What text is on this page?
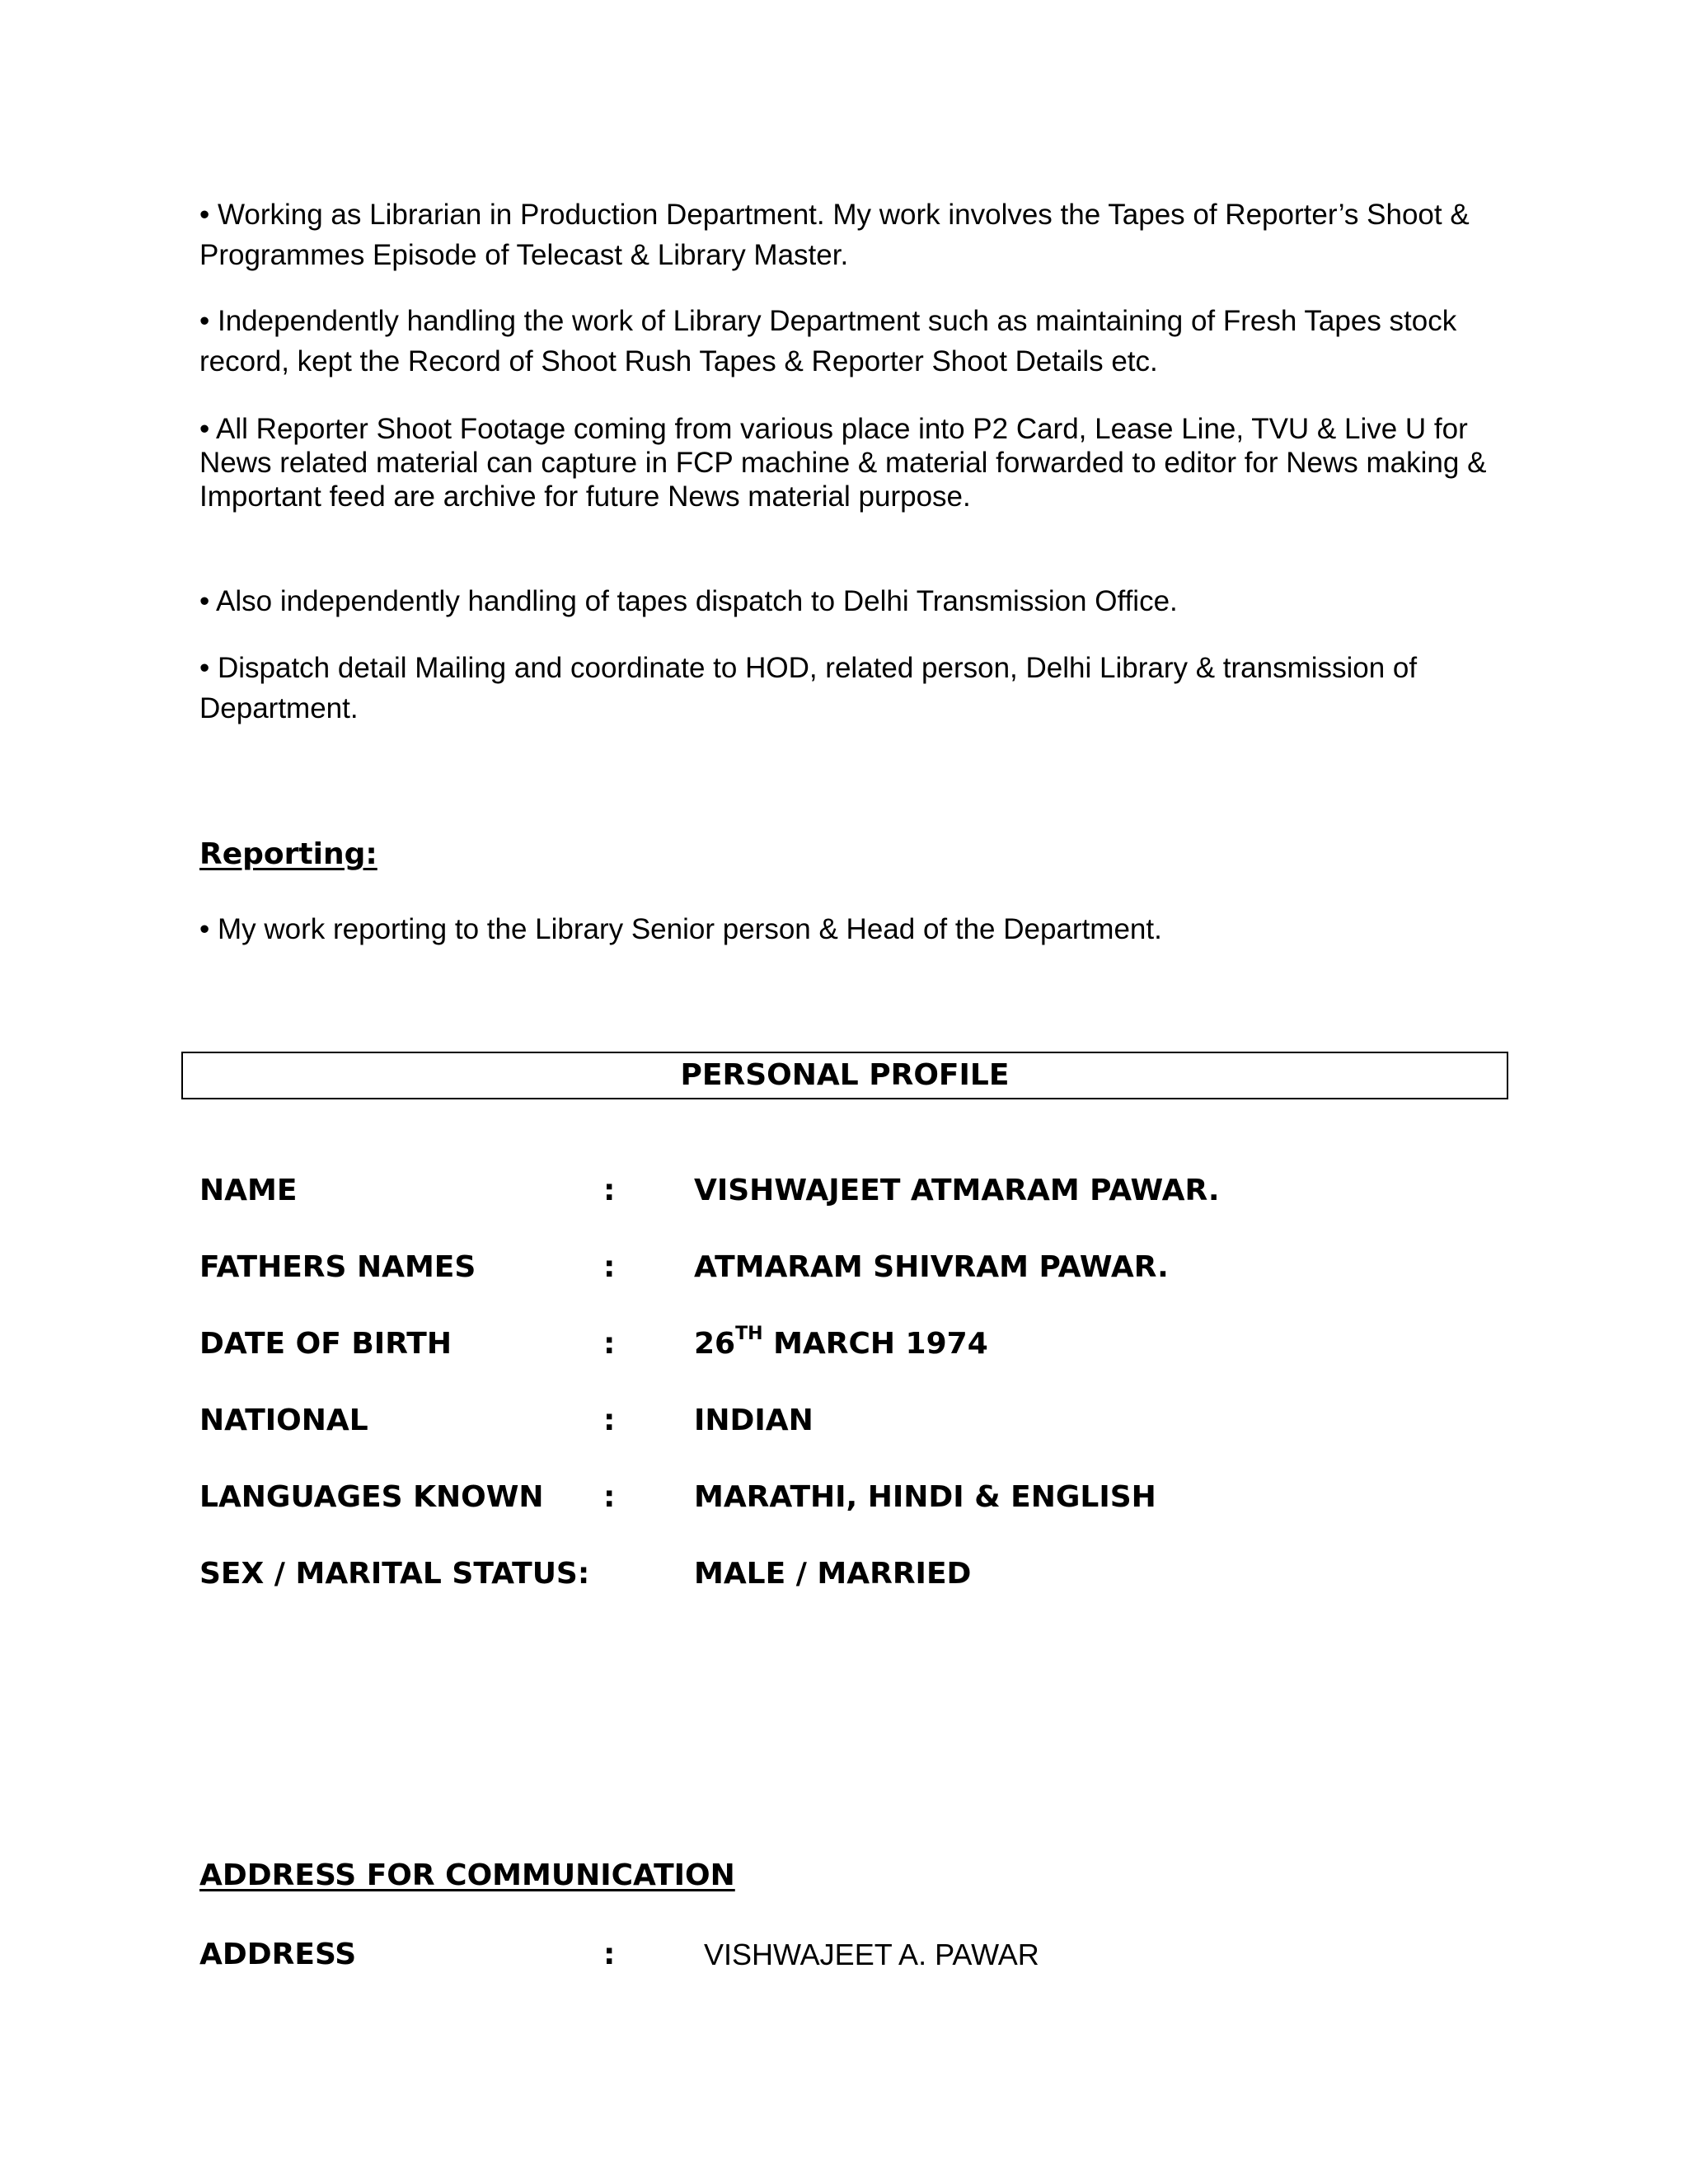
• Working as Librarian in Production Department. My work involves the Tapes of Reporter’s Shoot & Programmes Episode of Telecast & Library Master.

• Independently handling the work of Library Department such as maintaining of Fresh Tapes stock record, kept the Record of Shoot Rush Tapes & Reporter Shoot Details etc.

• All Reporter Shoot Footage coming from various place into P2 Card, Lease Line, TVU & Live U for News related material can capture in FCP machine & material forwarded to editor for News making & Important feed are archive for future News material purpose.

• Also independently handling of tapes dispatch to Delhi Transmission Office.

• Dispatch detail Mailing and coordinate to HOD, related person, Delhi Library & transmission of Department.

Reporting:

• My work reporting to the Library Senior person & Head of the Department.

PERSONAL PROFILE
NAME	:	VISHWAJEET ATMARAM PAWAR.
FATHERS NAMES	:	ATMARAM SHIVRAM PAWAR.
DATE OF BIRTH	:	26TH MARCH 1974
NATIONAL	:	INDIAN
LANGUAGES KNOWN :	MARATHI, HINDI & ENGLISH
SEX / MARITAL STATUS:	MALE / MARRIED
ADDRESS FOR COMMUNICATION
ADDRESS	:	VISHWAJEET A. PAWAR
